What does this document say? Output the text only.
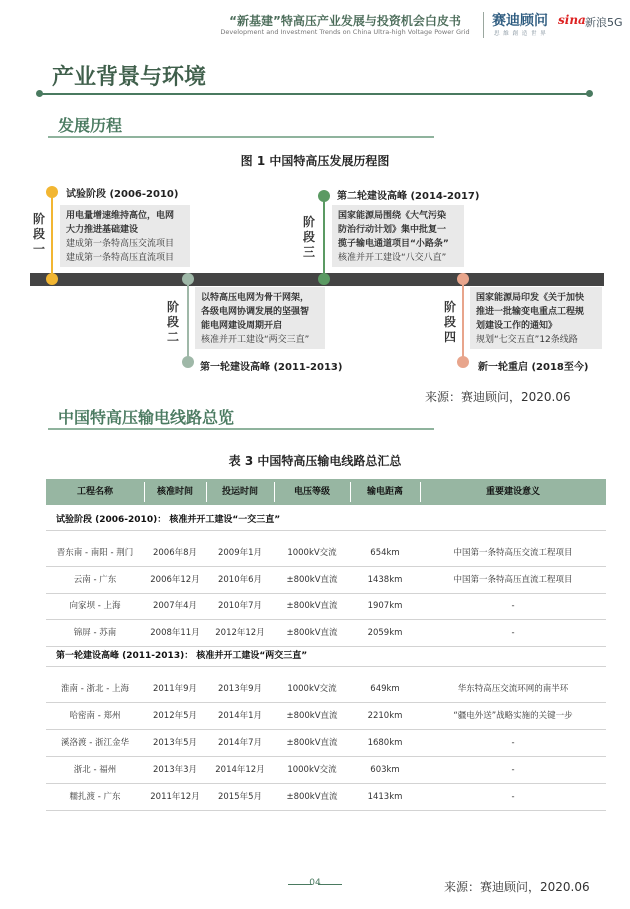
“新基建”特高压产业发展与投资机会白皮书
Development and Investment Trends on China Ultra-high Voltage Power Grid
赛迪顾问
思 維 創 造 世 界
sina 新浪5G
产业背景与环境
发展历程
图 1 中国特高压发展历程图
试验阶段 (2006-2010)
阶段一
用电量增速维持高位，电网
大力推进基础建设
建成第一条特高压交流项目
建成第一条特高压直流项目
阶段二
以特高压电网为骨干网架，
各级电网协调发展的坚强智
能电网建设周期开启
核准并开工建设“两交三直”
第一轮建设高峰 (2011-2013)
第二轮建设高峰 (2014-2017)
阶段三
国家能源局围绕《大气污染
防治行动计划》集中批复一
揽子输电通道项目“小路条”
核准并开工建设“八交八直”
阶段四
国家能源局印发《关于加快
推进一批输变电重点工程规
划建设工作的通知》
规划“七交五直”12条线路
新一轮重启 (2018至今)
来源：赛迪顾问，2020.06
中国特高压输电线路总览
表 3 中国特高压输电线路总汇总
工程名称	核准时间	投运时间	电压等级	输电距离	重要建设意义
试验阶段 (2006-2010)： 核准并开工建设“一交三直”
晋东南 - 南阳 - 荆门	2006年8月	2009年1月	1000kV交流	654km	中国第一条特高压交流工程项目
云南 - 广东	2006年12月	2010年6月	±800kV直流	1438km	中国第一条特高压直流工程项目
向家坝 - 上海	2007年4月	2010年7月	±800kV直流	1907km	-
锦屏 - 苏南	2008年11月	2012年12月	±800kV直流	2059km	-
第一轮建设高峰 (2011-2013)： 核准并开工建设“两交三直”
淮南 - 浙北 - 上海	2011年9月	2013年9月	1000kV交流	649km	华东特高压交流环网的南半环
哈密南 - 郑州	2012年5月	2014年1月	±800kV直流	2210km	“疆电外送”战略实施的关键一步
溪洛渡 - 浙江金华	2013年5月	2014年7月	±800kV直流	1680km	-
浙北 - 福州	2013年3月	2014年12月	1000kV交流	603km	-
糯扎渡 - 广东	2011年12月	2015年5月	±800kV直流	1413km	-
来源：赛迪顾问，2020.06
04
